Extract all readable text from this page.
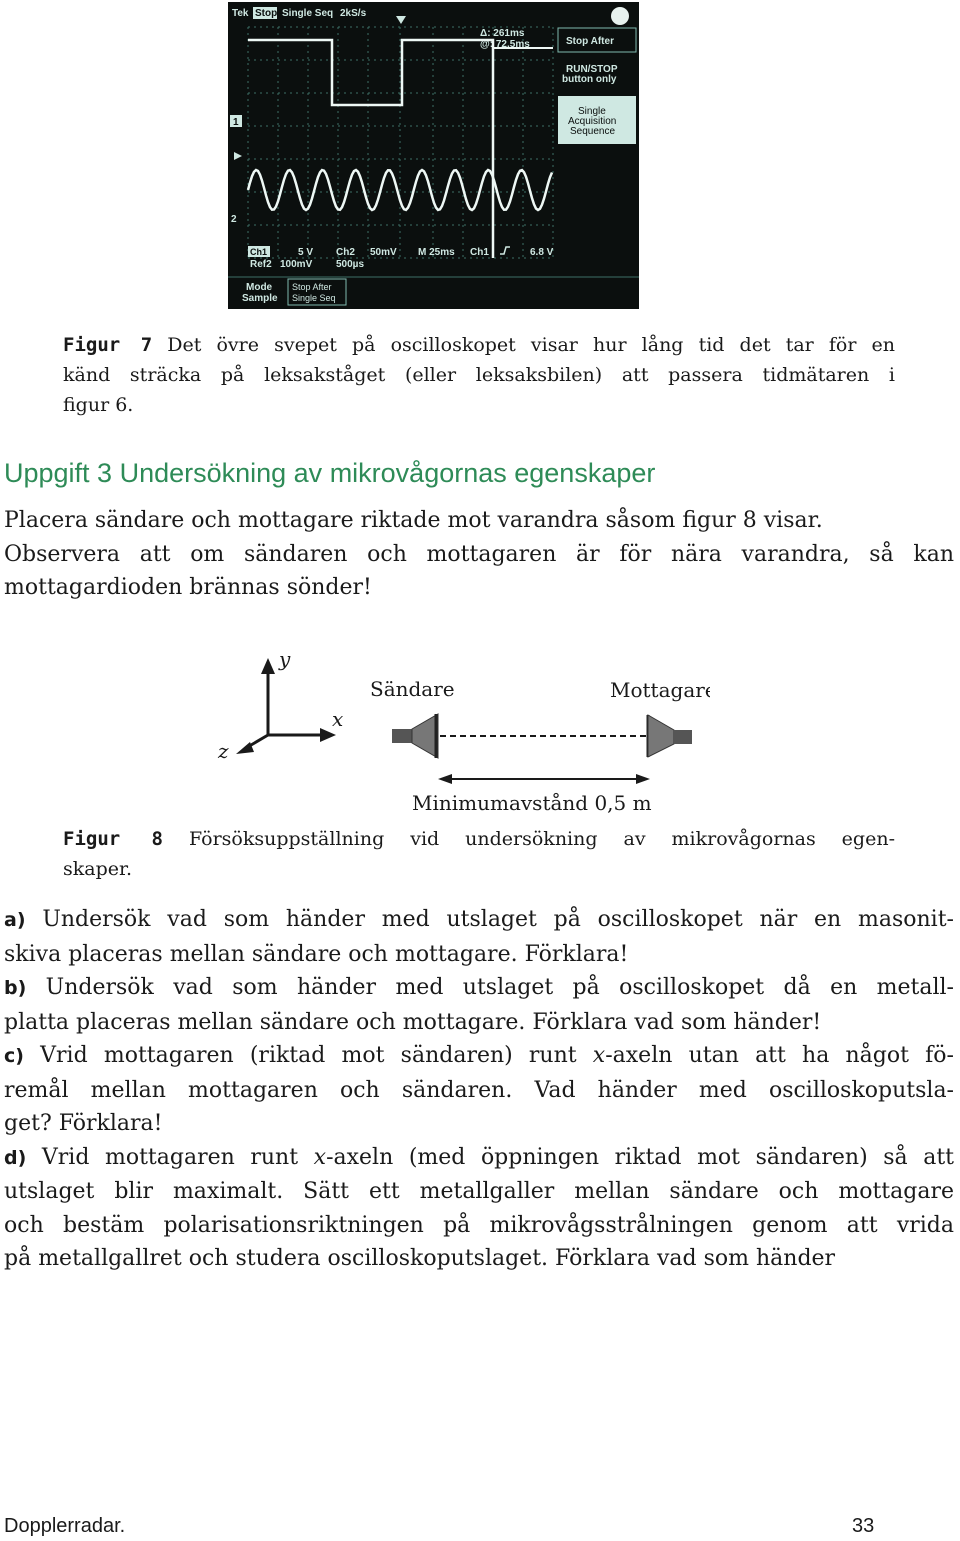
Tek Stop Single Seq 2kS/s
Δ: 261ms
@: 72.5ms	Stop After
RUN/STOP
button only
Single
Acquisition
Sequence
1
2
Ch1
Ref2
5 V
100mV
Ch2 50mV
500µs
M 25ms Ch1	6.8 V
Mode
Sample
Stop After
Single Seq
Figur 7 Det övre svepet på oscilloskopet visar hur lång tid det tar för en
känd sträcka på leksakståget (eller leksaksbilen) att passera tidmätaren i
figur 6.
Uppgift 3 Undersökning av mikrovågornas egenskaper
Placera sändare och mottagare riktade mot varandra såsom figur 8 visar.
Observera att om sändaren och mottagaren är för nära varandra, så kan
mottagardioden brännas sönder!
y
x
z
Sändare	Mottagare
Minimumavstånd 0,5 m
Figur 8 Försöksuppställning vid undersökning av mikrovågornas egen-
skaper.
a) Undersök vad som händer med utslaget på oscilloskopet när en masonit-
skiva placeras mellan sändare och mottagare. Förklara!
b) Undersök vad som händer med utslaget på oscilloskopet då en metall-
platta placeras mellan sändare och mottagare. Förklara vad som händer!
c) Vrid mottagaren (riktad mot sändaren) runt x-axeln utan att ha något fö-
remål mellan mottagaren och sändaren. Vad händer med oscilloskoputsla-
get? Förklara!
d) Vrid mottagaren runt x-axeln (med öppningen riktad mot sändaren) så att
utslaget blir maximalt. Sätt ett metallgaller mellan sändare och mottagare
och bestäm polarisationsriktningen på mikrovågsstrålningen genom att vrida
på metallgallret och studera oscilloskoputslaget. Förklara vad som händer
Dopplerradar.	33
